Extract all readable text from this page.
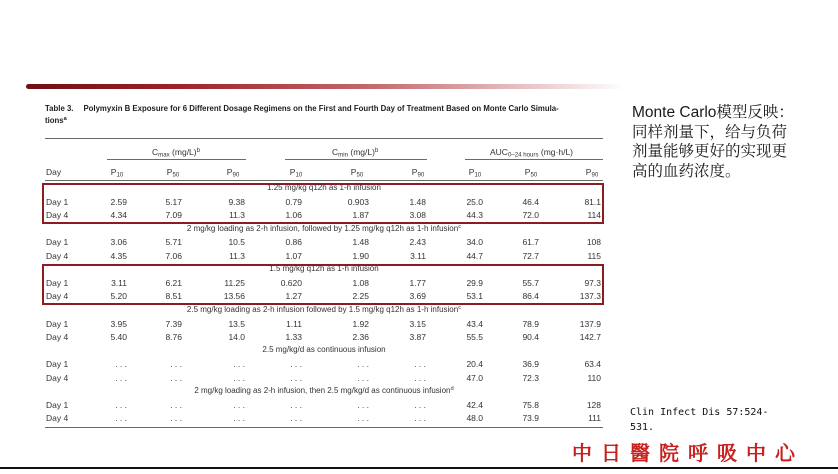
Table 3. Polymyxin B Exposure for 6 Different Dosage Regimens on the First and Fourth Day of Treatment Based on Monte Carlo Simula-
tions$^a$
$C_{max}$ $(mg/L)^b$	$C_{min}$ $(mg/L)^b$	$AUC_{0-24 hours}$ (mg·h/L)
Day	$P_{10}$	$P_{50}$	$P_{90}$	$P_{10}$	$P_{50}$	$P_{90}$	$P_{10}$	$P_{50}$	$P_{90}$
1.25 mg/kg q12h as 1-h infusion
Day 1	2.59	5.17	9.38	0.79	0.903	1.48	25.0	46.4	81.1
Day 4	4.34	7.09	11.3	1.06	1.87	3.08	44.3	72.0	114
2 mg/kg loading as 2-h infusion, followed by 1.25 mg/kg q12h as 1-h infusion$^c$
Day 1	3.06	5.71	10.5	0.86	1.48	2.43	34.0	61.7	108
Day 4	4.35	7.06	11.3	1.07	1.90	3.11	44.7	72.7	115
1.5 mg/kg q12h as 1-h infusion
Day 1	3.11	6.21	11.25	0.620	1.08	1.77	29.9	55.7	97.3
Day 4	5.20	8.51	13.56	1.27	2.25	3.69	53.1	86.4	137.3
2.5 mg/kg loading as 2-h infusion followed by 1.5 mg/kg q12h as 1-h infusion$^c$
Day 1	3.95	7.39	13.5	1.11	1.92	3.15	43.4	78.9	137.9
Day 4	5.40	8.76	14.0	1.33	2.36	3.87	55.5	90.4	142.7
2.5 mg/kg/d as continuous infusion
Day 1	. . .	. . .	. . .	. . .	. . .	. . .	20.4	36.9	63.4
Day 4	. . .	. . .	. . .	. . .	. . .	. . .	47.0	72.3	110
2 mg/kg loading as 2-h infusion, then 2.5 mg/kg/d as continuous infusion$^d$
Day 1	. . .	. . .	. . .	. . .	. . .	. . .	42.4	75.8	128
Day 4	. . .	. . .	. . .	. . .	. . .	. . .	48.0	73.9	111
Monte Carlo模型反映：
同样剂量下，给与负荷
剂量能够更好的实现更
高的血药浓度。
Clin Infect Dis 57:524-
531.
中日醫院呼吸中心
